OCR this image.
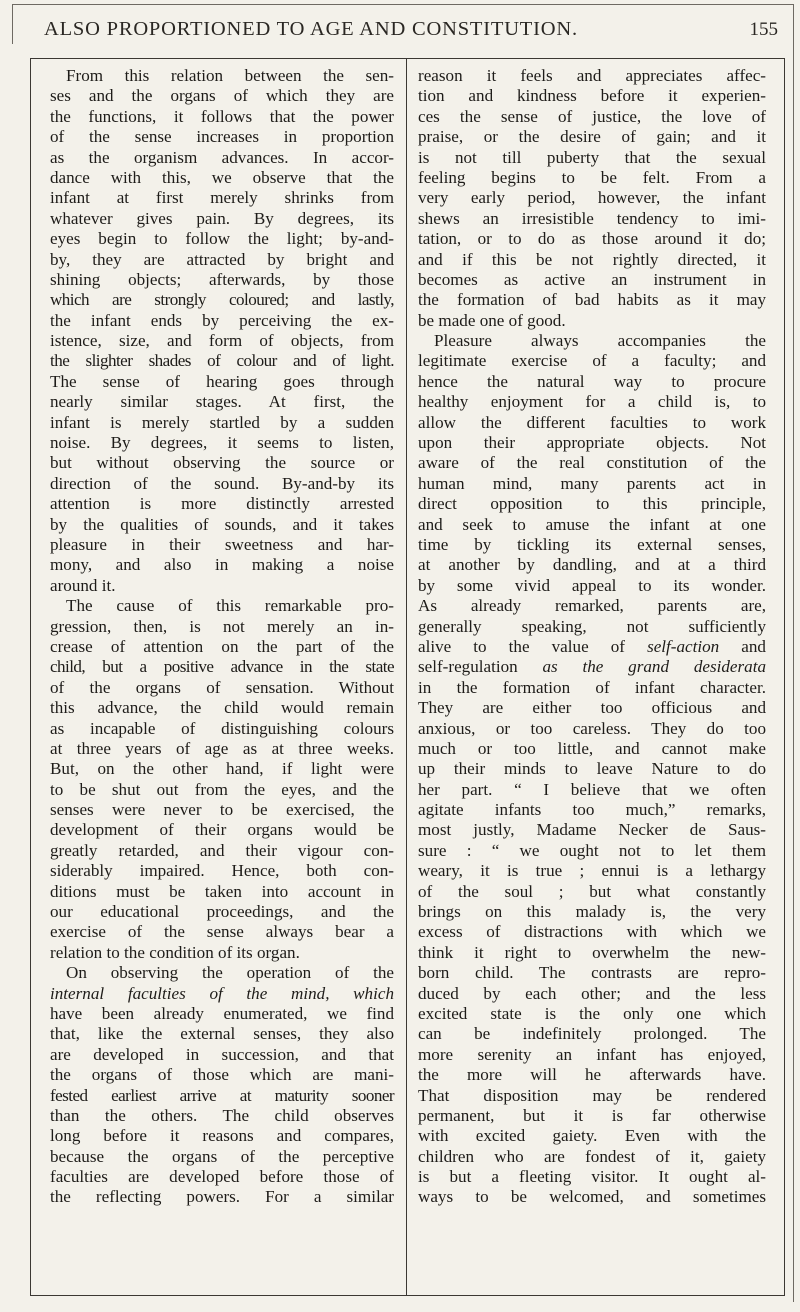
ALSO PROPORTIONED TO AGE AND CONSTITUTION.	155
From this relation between the sen-
ses and the organs of which they are
the functions, it follows that the power
of the sense increases in proportion
as the organism advances. In accor-
dance with this, we observe that the
infant at first merely shrinks from
whatever gives pain. By degrees, its
eyes begin to follow the light; by-and-
by, they are attracted by bright and
shining objects; afterwards, by those
which are strongly coloured; and lastly,
the infant ends by perceiving the ex-
istence, size, and form of objects, from
the slighter shades of colour and of light.
The sense of hearing goes through
nearly similar stages. At first, the
infant is merely startled by a sudden
noise. By degrees, it seems to listen,
but without observing the source or
direction of the sound. By-and-by its
attention is more distinctly arrested
by the qualities of sounds, and it takes
pleasure in their sweetness and har-
mony, and also in making a noise
around it.
The cause of this remarkable pro-
gression, then, is not merely an in-
crease of attention on the part of the
child, but a positive advance in the state
of the organs of sensation. Without
this advance, the child would remain
as incapable of distinguishing colours
at three years of age as at three weeks.
But, on the other hand, if light were
to be shut out from the eyes, and the
senses were never to be exercised, the
development of their organs would be
greatly retarded, and their vigour con-
siderably impaired. Hence, both con-
ditions must be taken into account in
our educational proceedings, and the
exercise of the sense always bear a
relation to the condition of its organ.
On observing the operation of the
internal faculties of the mind, which
have been already enumerated, we find
that, like the external senses, they also
are developed in succession, and that
the organs of those which are mani-
fested earliest arrive at maturity sooner
than the others. The child observes
long before it reasons and compares,
because the organs of the perceptive
faculties are developed before those of
the reflecting powers. For a similar
reason it feels and appreciates affec-
tion and kindness before it experien-
ces the sense of justice, the love of
praise, or the desire of gain; and it
is not till puberty that the sexual
feeling begins to be felt. From a
very early period, however, the infant
shews an irresistible tendency to imi-
tation, or to do as those around it do;
and if this be not rightly directed, it
becomes as active an instrument in
the formation of bad habits as it may
be made one of good.
Pleasure always accompanies the
legitimate exercise of a faculty; and
hence the natural way to procure
healthy enjoyment for a child is, to
allow the different faculties to work
upon their appropriate objects. Not
aware of the real constitution of the
human mind, many parents act in
direct opposition to this principle,
and seek to amuse the infant at one
time by tickling its external senses,
at another by dandling, and at a third
by some vivid appeal to its wonder.
As already remarked, parents are,
generally speaking, not sufficiently
alive to the value of self-action and
self-regulation as the grand desiderata
in the formation of infant character.
They are either too officious and
anxious, or too careless. They do too
much or too little, and cannot make
up their minds to leave Nature to do
her part. “ I believe that we often
agitate infants too much,” remarks,
most justly, Madame Necker de Saus-
sure : “ we ought not to let them
weary, it is true ; ennui is a lethargy
of the soul ; but what constantly
brings on this malady is, the very
excess of distractions with which we
think it right to overwhelm the new-
born child. The contrasts are repro-
duced by each other; and the less
excited state is the only one which
can be indefinitely prolonged. The
more serenity an infant has enjoyed,
the more will he afterwards have.
That disposition may be rendered
permanent, but it is far otherwise
with excited gaiety. Even with the
children who are fondest of it, gaiety
is but a fleeting visitor. It ought al-
ways to be welcomed, and sometimes
